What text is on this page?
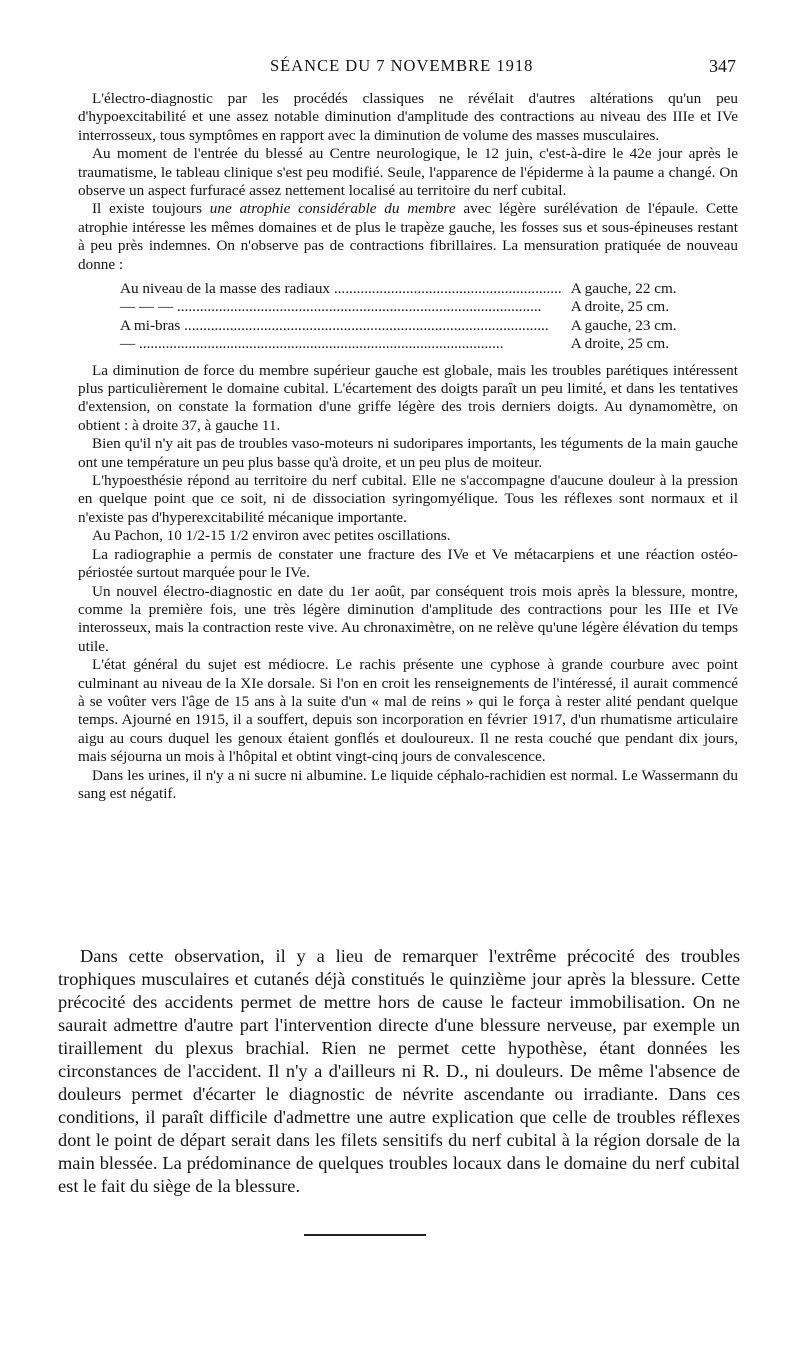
SÉANCE DU 7 NOVEMBRE 1918	347

L'électro-diagnostic par les procédés classiques ne révélait d'autres altérations qu'un peu d'hypoexcitabilité et une assez notable diminution d'amplitude des contractions au niveau des IIIe et IVe interrosseux, tous symptômes en rapport avec la diminution de volume des masses musculaires.

Au moment de l'entrée du blessé au Centre neurologique, le 12 juin, c'est-à-dire le 42e jour après le traumatisme, le tableau clinique s'est peu modifié. Seule, l'apparence de l'épiderme à la paume a changé. On observe un aspect furfuracé assez nettement localisé au territoire du nerf cubital.

Il existe toujours une atrophie considérable du membre avec légère surélévation de l'épaule. Cette atrophie intéresse les mêmes domaines et de plus le trapèze gauche, les fosses sus et sous-épineuses restant à peu près indemnes. On n'observe pas de contractions fibrillaires. La mensuration pratiquée de nouveau donne :

Au niveau de la masse des radiaux .....	A gauche, 22 cm.
— — — .....	A droite, 25 cm.
A mi-bras .....	A gauche, 23 cm.
— .....	A droite, 25 cm.

La diminution de force du membre supérieur gauche est globale, mais les troubles parétiques intéressent plus particulièrement le domaine cubital. L'écartement des doigts paraît un peu limité, et dans les tentatives d'extension, on constate la formation d'une griffe légère des trois derniers doigts. Au dynamomètre, on obtient : à droite 37, à gauche 11.

Bien qu'il n'y ait pas de troubles vaso-moteurs ni sudoripares importants, les téguments de la main gauche ont une température un peu plus basse qu'à droite, et un peu plus de moiteur.

L'hypoesthésie répond au territoire du nerf cubital. Elle ne s'accompagne d'aucune douleur à la pression en quelque point que ce soit, ni de dissociation syringomyélique. Tous les réflexes sont normaux et il n'existe pas d'hyperexcitabilité mécanique importante.

Au Pachon, 10 1/2-15 1/2 environ avec petites oscillations.

La radiographie a permis de constater une fracture des IVe et Ve métacarpiens et une réaction ostéo-périostée surtout marquée pour le IVe.

Un nouvel électro-diagnostic en date du 1er août, par conséquent trois mois après la blessure, montre, comme la première fois, une très légère diminution d'amplitude des contractions pour les IIIe et IVe interosseux, mais la contraction reste vive. Au chronaximètre, on ne relève qu'une légère élévation du temps utile.

L'état général du sujet est médiocre. Le rachis présente une cyphose à grande courbure avec point culminant au niveau de la XIe dorsale. Si l'on en croit les renseignements de l'intéressé, il aurait commencé à se voûter vers l'âge de 15 ans à la suite d'un « mal de reins » qui le força à rester alité pendant quelque temps. Ajourné en 1915, il a souffert, depuis son incorporation en février 1917, d'un rhumatisme articulaire aigu au cours duquel les genoux étaient gonflés et douloureux. Il ne resta couché que pendant dix jours, mais séjourna un mois à l'hôpital et obtint vingt-cinq jours de convalescence.

Dans les urines, il n'y a ni sucre ni albumine. Le liquide céphalo-rachidien est normal. Le Wassermann du sang est négatif.

Dans cette observation, il y a lieu de remarquer l'extrême précocité des troubles trophiques musculaires et cutanés déjà constitués le quinzième jour après la blessure. Cette précocité des accidents permet de mettre hors de cause le facteur immobilisation. On ne saurait admettre d'autre part l'intervention directe d'une blessure nerveuse, par exemple un tiraillement du plexus brachial. Rien ne permet cette hypothèse, étant données les circonstances de l'accident. Il n'y a d'ailleurs ni R. D., ni douleurs. De même l'absence de douleurs permet d'écarter le diagnostic de névrite ascendante ou irradiante. Dans ces conditions, il paraît difficile d'admettre une autre explication que celle de troubles réflexes dont le point de départ serait dans les filets sensitifs du nerf cubital à la région dorsale de la main blessée. La prédominance de quelques troubles locaux dans le domaine du nerf cubital est le fait du siège de la blessure.
